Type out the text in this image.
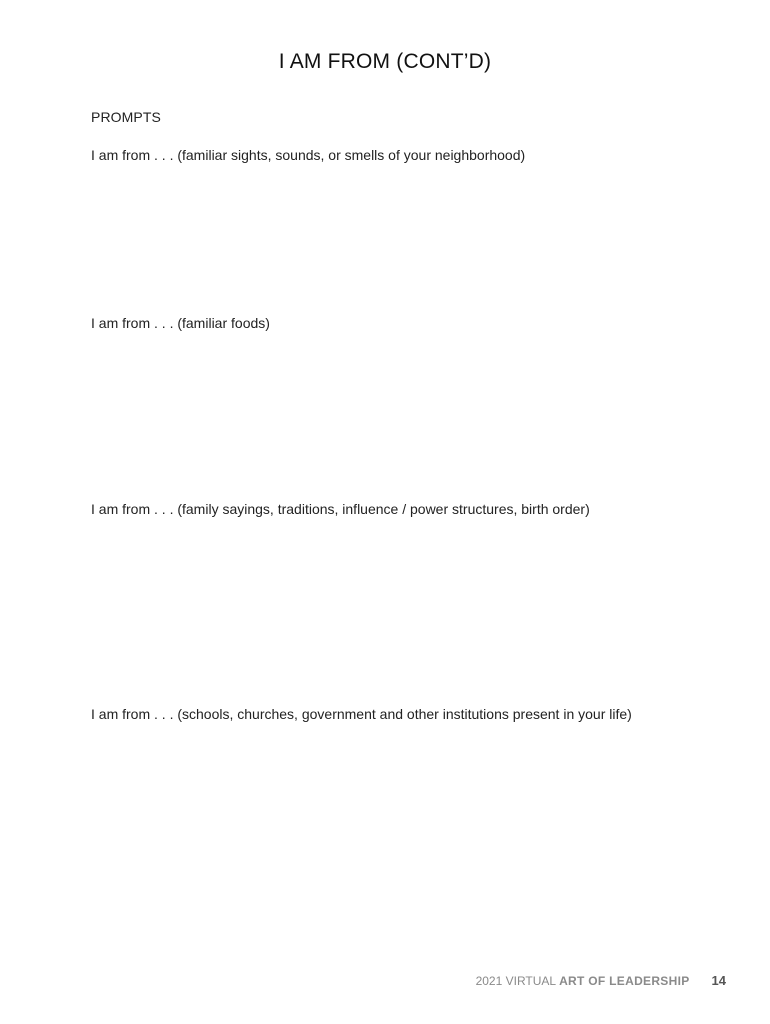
I AM FROM (CONT’D)
PROMPTS
I am from . . . (familiar sights, sounds, or smells of your neighborhood)
I am from . . . (familiar foods)
I am from . . . (family sayings, traditions, influence / power structures, birth order)
I am from . . . (schools, churches, government and other institutions present in your life)
2021 VIRTUAL ART OF LEADERSHIP 14
